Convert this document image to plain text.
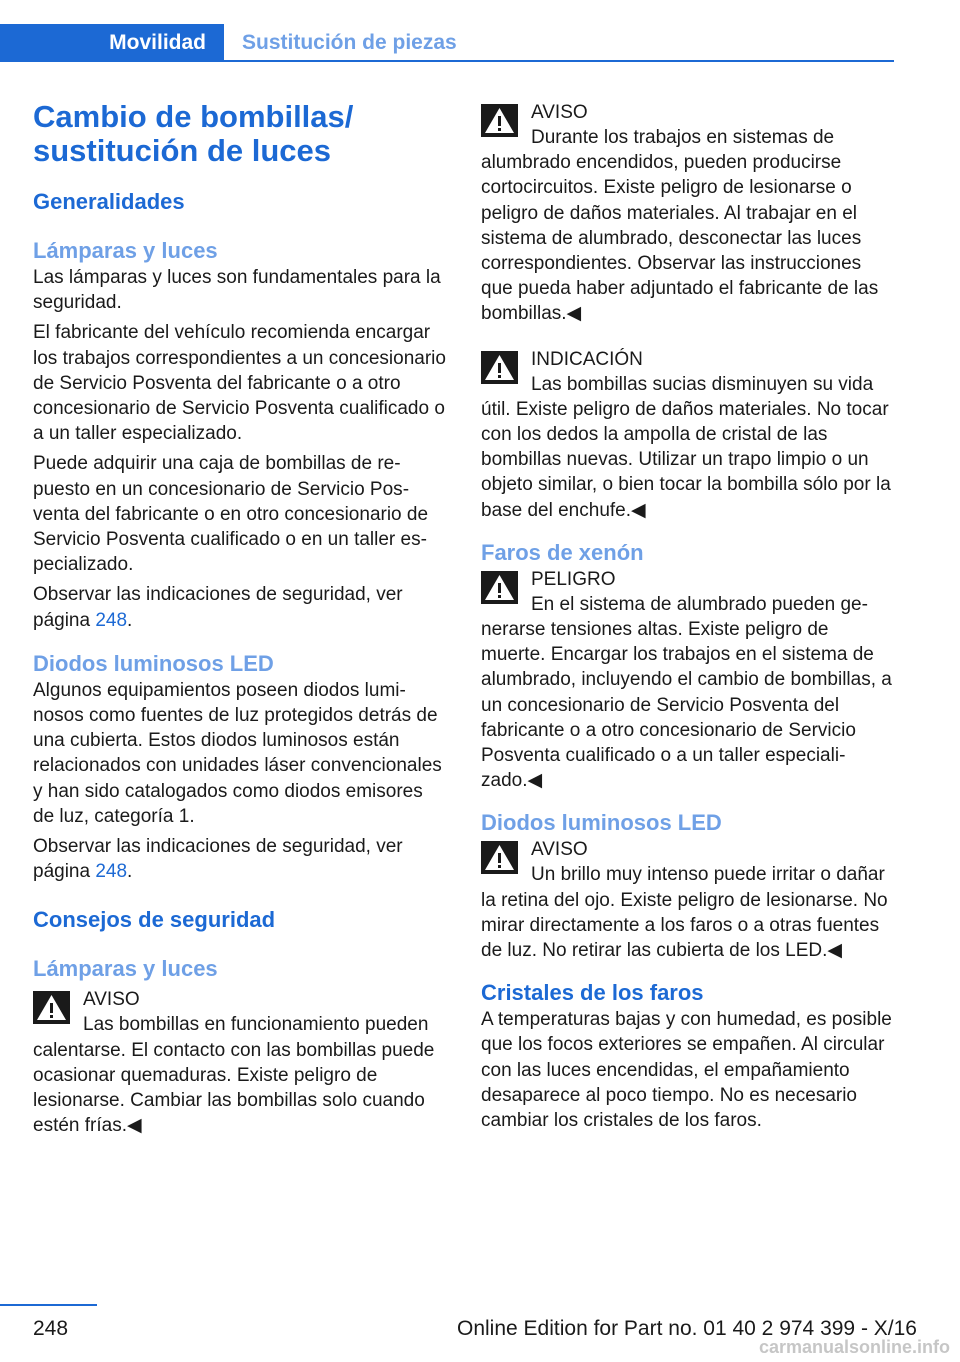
Movilidad	Sustitución de piezas
Cambio de bombillas/
sustitución de luces
Generalidades
Lámparas y luces

Las lámparas y luces son fundamentales para la seguridad.

El fabricante del vehículo recomienda encargar los trabajos correspondientes a un concesionario de Servicio Posventa del fabricante o a otro concesionario de Servicio Posventa cualificado o a un taller especializado.

Puede adquirir una caja de bombillas de repuesto en un concesionario de Servicio Posventa del fabricante o en otro concesionario de Servicio Posventa cualificado o en un taller especializado.

Observar las indicaciones de seguridad, ver página 248.

Diodos luminosos LED

Algunos equipamientos poseen diodos luminosos como fuentes de luz protegidos detrás de una cubierta. Estos diodos luminosos están relacionados con unidades láser convencionales y han sido catalogados como diodos emisores de luz, categoría 1.

Observar las indicaciones de seguridad, ver página 248.

Consejos de seguridad
Lámparas y luces

AVISO

Las bombillas en funcionamiento pueden calentarse. El contacto con las bombillas puede ocasionar quemaduras. Existe peligro de lesionarse. Cambiar las bombillas solo cuando estén frías.◀

AVISO

Durante los trabajos en sistemas de alumbrado encendidos, pueden producirse cortocircuitos. Existe peligro de lesionarse o peligro de daños materiales. Al trabajar en el sistema de alumbrado, desconectar las luces correspondientes. Observar las instrucciones que pueda haber adjuntado el fabricante de las bombillas.◀

INDICACIÓN

Las bombillas sucias disminuyen su vida útil. Existe peligro de daños materiales. No tocar con los dedos la ampolla de cristal de las bombillas nuevas. Utilizar un trapo limpio o un objeto similar, o bien tocar la bombilla sólo por la base del enchufe.◀

Faros de xenón

PELIGRO

En el sistema de alumbrado pueden generarse tensiones altas. Existe peligro de muerte. Encargar los trabajos en el sistema de alumbrado, incluyendo el cambio de bombillas, a un concesionario de Servicio Posventa del fabricante o a otro concesionario de Servicio Posventa cualificado o a un taller especializado.◀

Diodos luminosos LED

AVISO

Un brillo muy intenso puede irritar o dañar la retina del ojo. Existe peligro de lesionarse. No mirar directamente a los faros o a otras fuentes de luz. No retirar las cubierta de los LED.◀

Cristales de los faros

A temperaturas bajas y con humedad, es posible que los focos exteriores se empañen. Al circular con las luces encendidas, el empañamiento desaparece al poco tiempo. No es necesario cambiar los cristales de los faros.

248	Online Edition for Part no. 01 40 2 974 399 - X/16
carmanualsonline.info
